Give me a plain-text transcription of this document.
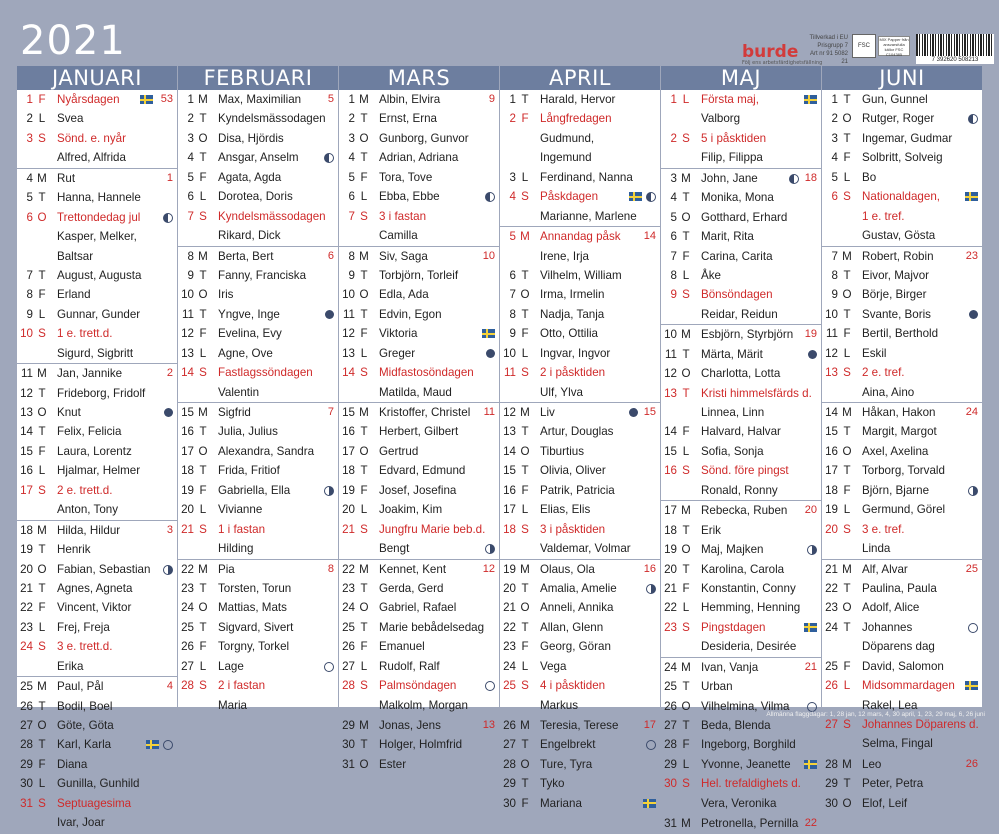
2021	burde
Följ ens arbetsfärdighetsfällning
Tillverkad i EU
Prisgrupp 7
Art nr 91 5082 21
FSC
MIX Papper från ansvarsfulla källor FSC C104385
7 392620 508213
JANUARI
1 F Nyårsdagen	53
2 L Svea
3 S Sönd. e. nyår
Alfred, Alfrida
4 M Rut	1
5 T Hanna, Hannele
6 O Trettondedag jul
Kasper, Melker,
Baltsar
7 T August, Augusta
8 F Erland
9 L Gunnar, Gunder
10 S 1 e. trett.d.
Sigurd, Sigbritt
11 M Jan, Jannike	2
12 T Frideborg, Fridolf
13 O Knut
14 T Felix, Felicia
15 F Laura, Lorentz
16 L Hjalmar, Helmer
17 S 2 e. trett.d.
Anton, Tony
18 M Hilda, Hildur	3
19 T Henrik
20 O Fabian, Sebastian
21 T Agnes, Agneta
22 F Vincent, Viktor
23 L Frej, Freja
24 S 3 e. trett.d.
Erika
25 M Paul, Pål	4
26 T Bodil, Boel
27 O Göte, Göta
28 T Karl, Karla
29 F Diana
30 L Gunilla, Gunhild
31 S Septuagesima
Ivar, Joar
FEBRUARI
1 M Max, Maximilian 5
2 T Kyndelsmässodagen
3 O Disa, Hjördis
4 T Ansgar, Anselm
5 F Agata, Agda
6 L Dorotea, Doris
7 S Kyndelsmässodagen
Rikard, Dick
8 M Berta, Bert	6
9 T Fanny, Franciska
10 O Iris
11 T Yngve, Inge
12 F Evelina, Evy
13 L Agne, Ove
14 S Fastlagssöndagen
Valentin
15 M Sigfrid	7
16 T Julia, Julius
17 O Alexandra, Sandra
18 T Frida, Fritiof
19 F Gabriella, Ella
20 L Vivianne
21 S 1 i fastan
Hilding
22 M Pia	8
23 T Torsten, Torun
24 O Mattias, Mats
25 T Sigvard, Sivert
26 F Torgny, Torkel
27 L Lage
28 S 2 i fastan
Maria
MARS
1 M Albin, Elvira	9
2 T Ernst, Erna
3 O Gunborg, Gunvor
4 T Adrian, Adriana
5 F Tora, Tove
6 L Ebba, Ebbe
7 S 3 i fastan
Camilla
8 M Siv, Saga	10
9 T Torbjörn, Torleif
10 O Edla, Ada
11 T Edvin, Egon
12 F Viktoria
13 L Greger
14 S Midfastosöndagen
Matilda, Maud
15 M Kristoffer, Christel 11
16 T Herbert, Gilbert
17 O Gertrud
18 T Edvard, Edmund
19 F Josef, Josefina
20 L Joakim, Kim
21 S Jungfru Marie beb.d.
Bengt
22 M Kennet, Kent	12
23 T Gerda, Gerd
24 O Gabriel, Rafael
25 T Marie bebådelsedag
26 F Emanuel
27 L Rudolf, Ralf
28 S Palmsöndagen
Malkolm, Morgan
29 M Jonas, Jens	13
30 T Holger, Holmfrid
31 O Ester
APRIL
1 T Harald, Hervor
2 F Långfredagen
Gudmund,
Ingemund
3 L Ferdinand, Nanna
4 S Påskdagen
Marianne, Marlene
5 M Annandag påsk 14
Irene, Irja
6 T Vilhelm, William
7 O Irma, Irmelin
8 T Nadja, Tanja
9 F Otto, Ottilia
10 L Ingvar, Ingvor
11 S 2 i påsktiden
Ulf, Ylva
12 M Liv	15
13 T Artur, Douglas
14 O Tiburtius
15 T Olivia, Oliver
16 F Patrik, Patricia
17 L Elias, Elis
18 S 3 i påsktiden
Valdemar, Volmar
19 M Olaus, Ola	16
20 T Amalia, Amelie
21 O Anneli, Annika
22 T Allan, Glenn
23 F Georg, Göran
24 L Vega
25 S 4 i påsktiden
Markus
26 M Teresia, Terese 17
27 T Engelbrekt
28 O Ture, Tyra
29 T Tyko
30 F Mariana
MAJ
1 L Första maj,
Valborg
2 S 5 i påsktiden
Filip, Filippa
3 M John, Jane	18
4 T Monika, Mona
5 O Gotthard, Erhard
6 T Marit, Rita
7 F Carina, Carita
8 L Åke
9 S Bönsöndagen
Reidar, Reidun
10 M Esbjörn, Styrbjörn 19
11 T Märta, Märit
12 O Charlotta, Lotta
13 T Kristi himmelsfärds d.
Linnea, Linn
14 F Halvard, Halvar
15 L Sofia, Sonja
16 S Sönd. före pingst
Ronald, Ronny
17 M Rebecka, Ruben 20
18 T Erik
19 O Maj, Majken
20 T Karolina, Carola
21 F Konstantin, Conny
22 L Hemming, Henning
23 S Pingstdagen
Desideria, Desirée
24 M Ivan, Vanja	21
25 T Urban
26 O Vilhelmina, Vilma
27 T Beda, Blenda
28 F Ingeborg, Borghild
29 L Yvonne, Jeanette
30 S Hel. trefaldighets d.
Vera, Veronika
31 M Petronella, Pernilla 22
JUNI
1 T Gun, Gunnel
2 O Rutger, Roger
3 T Ingemar, Gudmar
4 F Solbritt, Solveig
5 L Bo
6 S Nationaldagen,
1 e. tref.
Gustav, Gösta
7 M Robert, Robin	23
8 T Eivor, Majvor
9 O Börje, Birger
10 T Svante, Boris
11 F Bertil, Berthold
12 L Eskil
13 S 2 e. tref.
Aina, Aino
14 M Håkan, Hakon	24
15 T Margit, Margot
16 O Axel, Axelina
17 T Torborg, Torvald
18 F Björn, Bjarne
19 L Germund, Görel
20 S 3 e. tref.
Linda
21 M Alf, Alvar	25
22 T Paulina, Paula
23 O Adolf, Alice
24 T Johannes
Döparens dag
25 F David, Salomon
26 L Midsommardagen
Rakel, Lea
27 S Johannes Döparens d.
Selma, Fingal
28 M Leo	26
29 T Peter, Petra
30 O Elof, Leif
Allmänna flaggdagar: 1, 28 jan, 12 mars, 4, 30 april, 1, 23, 29 maj, 6, 26 juni
